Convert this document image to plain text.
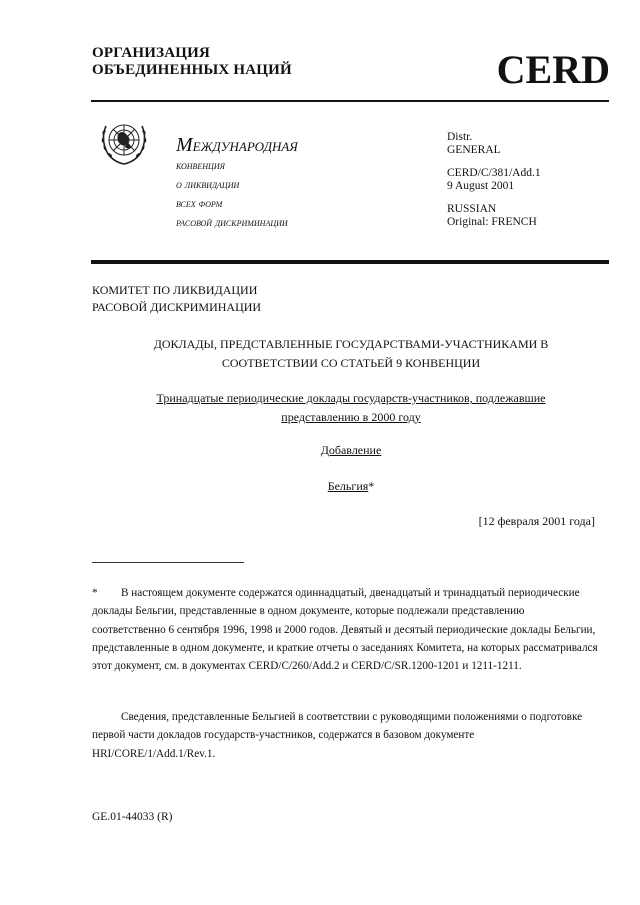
ОРГАНИЗАЦИЯ
ОБЪЕДИНЕННЫХ НАЦИЙ	CERD
Международная
конвенция
о ликвидации
всех форм
расовой дискриминации
Distr.
GENERAL
CERD/C/381/Add.1
9 August 2001
RUSSIAN
Original: FRENCH
КОМИТЕТ ПО ЛИКВИДАЦИИ
РАСОВОЙ ДИСКРИМИНАЦИИ
ДОКЛАДЫ, ПРЕДСТАВЛЕННЫЕ ГОСУДАРСТВАМИ-УЧАСТНИКАМИ В
СООТВЕТСТВИИ СО СТАТЬЕЙ 9 КОНВЕНЦИИ
Тринадцатые периодические доклады государств-участников, подлежавшие
представлению в 2000 году
Добавление
Бельгия*
[12 февраля 2001 года]
* В настоящем документе содержатся одиннадцатый, двенадцатый и тринадцатый периодические доклады Бельгии, представленные в одном документе, которые подлежали представлению соответственно 6 сентября 1996, 1998 и 2000 годов. Девятый и десятый периодические доклады Бельгии, представленные в одном документе, и краткие отчеты о заседаниях Комитета, на которых рассматривался этот документ, см. в документах CERD/C/260/Add.2 и CERD/C/SR.1200-1201 и 1211-1211.
Сведения, представленные Бельгией в соответствии с руководящими положениями о подготовке первой части докладов государств-участников, содержатся в базовом документе HRI/CORE/1/Add.1/Rev.1.
GE.01-44033 (R)
